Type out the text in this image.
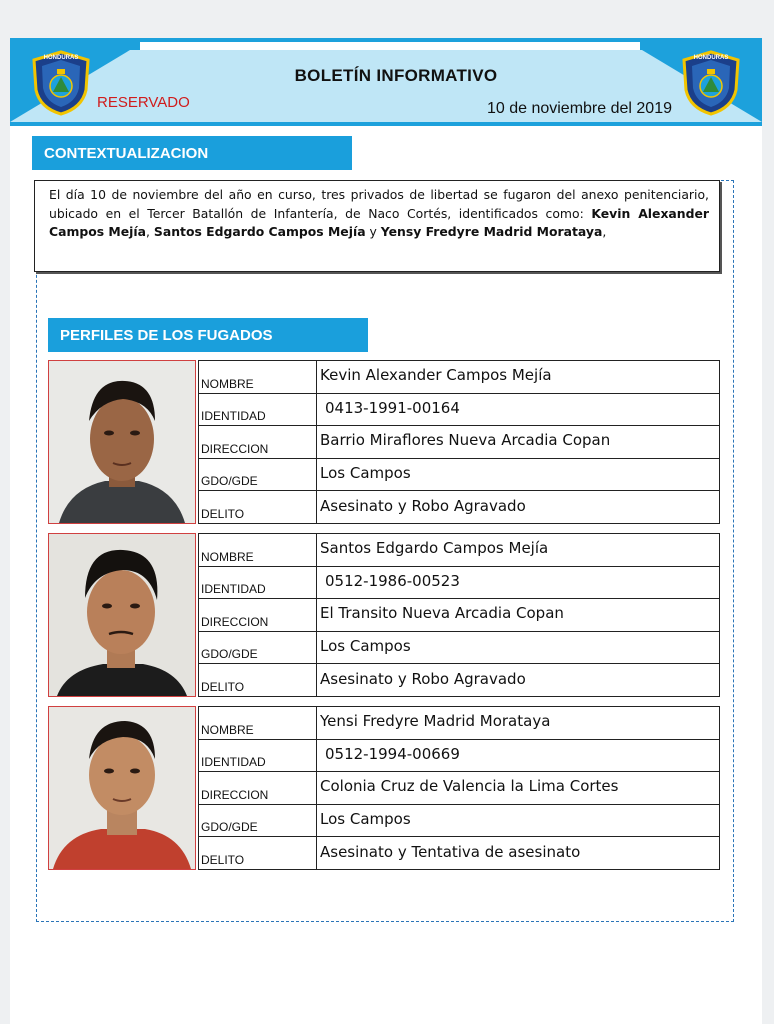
HONDURAS	HONDURAS
BOLETÍN INFORMATIVO
RESERVADO	10 de noviembre del 2019
CONTEXTUALIZACION
El día 10 de noviembre del año en curso, tres privados de libertad se fugaron del anexo penitenciario, ubicado en el Tercer Batallón de Infantería, de Naco Cortés, identificados como: Kevin Alexander Campos Mejía, Santos Edgardo Campos Mejía y Yensy Fredyre Madrid Morataya,
PERFILES DE LOS FUGADOS
NOMBRE	Kevin Alexander Campos Mejía
IDENTIDAD	0413-1991-00164
DIRECCION	Barrio Miraflores Nueva Arcadia Copan
GDO/GDE	Los Campos
DELITO	Asesinato y Robo Agravado
NOMBRE	Santos Edgardo Campos Mejía
IDENTIDAD	0512-1986-00523
DIRECCION	El Transito Nueva Arcadia Copan
GDO/GDE	Los Campos
DELITO	Asesinato y Robo Agravado
NOMBRE	Yensi Fredyre Madrid Morataya
IDENTIDAD	0512-1994-00669
DIRECCION	Colonia Cruz de Valencia la Lima Cortes
GDO/GDE	Los Campos
DELITO	Asesinato y Tentativa de asesinato
